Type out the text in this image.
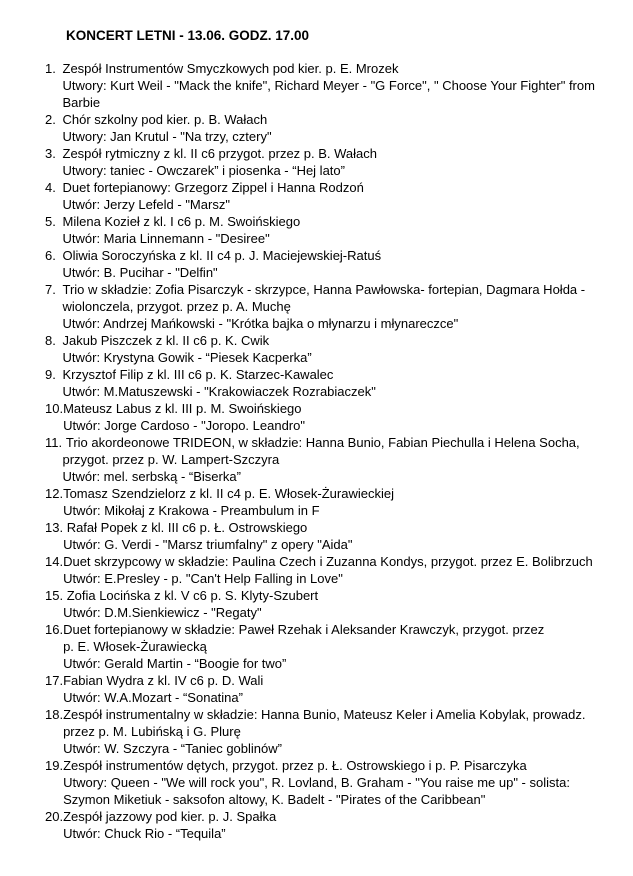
KONCERT LETNI - 13.06. GODZ. 17.00
1. Zespół Instrumentów Smyczkowych pod kier. p. E. Mrozek
Utwory: Kurt Weil - "Mack the knife", Richard Meyer - "G Force", " Choose Your Fighter" from
Barbie
2. Chór szkolny pod kier. p. B. Wałach
Utwory: Jan Krutul - "Na trzy, cztery"
3. Zespół rytmiczny z kl. II c6 przygot. przez p. B. Wałach
Utwory: taniec - Owczarek” i piosenka - “Hej lato”
4. Duet fortepianowy: Grzegorz Zippel i Hanna Rodzoń
Utwór: Jerzy Lefeld - "Marsz"
5. Milena Kozieł z kl. I c6 p. M. Swoińskiego
Utwór: Maria Linnemann - "Desiree"
6. Oliwia Soroczyńska z kl. II c4 p. J. Maciejewskiej-Ratuś
Utwór: B. Pucihar - "Delfin"
7. Trio w składzie: Zofia Pisarczyk - skrzypce, Hanna Pawłowska- fortepian, Dagmara Hołda -
wiolonczela, przygot. przez p. A. Muchę
Utwór: Andrzej Mańkowski - "Krótka bajka o młynarzu i młynareczce"
8. Jakub Piszczek z kl. II c6 p. K. Cwik
Utwór: Krystyna Gowik - “Piesek Kacperka”
9. Krzysztof Filip z kl. III c6 p. K. Starzec-Kawalec
Utwór: M.Matuszewski - "Krakowiaczek Rozrabiaczek"
10. Mateusz Labus z kl. III p. M. Swoińskiego
Utwór: Jorge Cardoso - "Joropo. Leandro"
11. Trio akordeonowe TRIDEON, w składzie: Hanna Bunio, Fabian Piechulla i Helena Socha,
przygot. przez p. W. Lampert-Szczyra
Utwór: mel. serbską - “Biserka”
12. Tomasz Szendzielorz z kl. II c4 p. E. Włosek-Żurawieckiej
Utwór: Mikołaj z Krakowa - Preambulum in F
13. Rafał Popek z kl. III c6 p. Ł. Ostrowskiego
Utwór: G. Verdi - "Marsz triumfalny" z opery "Aida"
14. Duet skrzypcowy w składzie: Paulina Czech i Zuzanna Kondys, przygot. przez E. Bolibrzuch
Utwór: E.Presley - p. "Can't Help Falling in Love"
15. Zofia Locińska z kl. V c6 p. S. Klyty-Szubert
Utwór: D.M.Sienkiewicz - "Regaty"
16. Duet fortepianowy w składzie: Paweł Rzehak i Aleksander Krawczyk, przygot. przez
p. E. Włosek-Żurawiecką
Utwór: Gerald Martin - “Boogie for two”
17. Fabian Wydra z kl. IV c6 p. D. Wali
Utwór: W.A.Mozart - “Sonatina”
18. Zespół instrumentalny w składzie: Hanna Bunio, Mateusz Keler i Amelia Kobylak, prowadz.
przez p. M. Lubińską i G. Plurę
Utwór: W. Szczyra - “Taniec goblinów”
19. Zespół instrumentów dętych, przygot. przez p. Ł. Ostrowskiego i p. P. Pisarczyka
Utwory: Queen - "We will rock you", R. Lovland, B. Graham - "You raise me up" - solista:
Szymon Miketiuk - saksofon altowy, K. Badelt - "Pirates of the Caribbean"
20. Zespół jazzowy pod kier. p. J. Spałka
Utwór: Chuck Rio - “Tequila”
